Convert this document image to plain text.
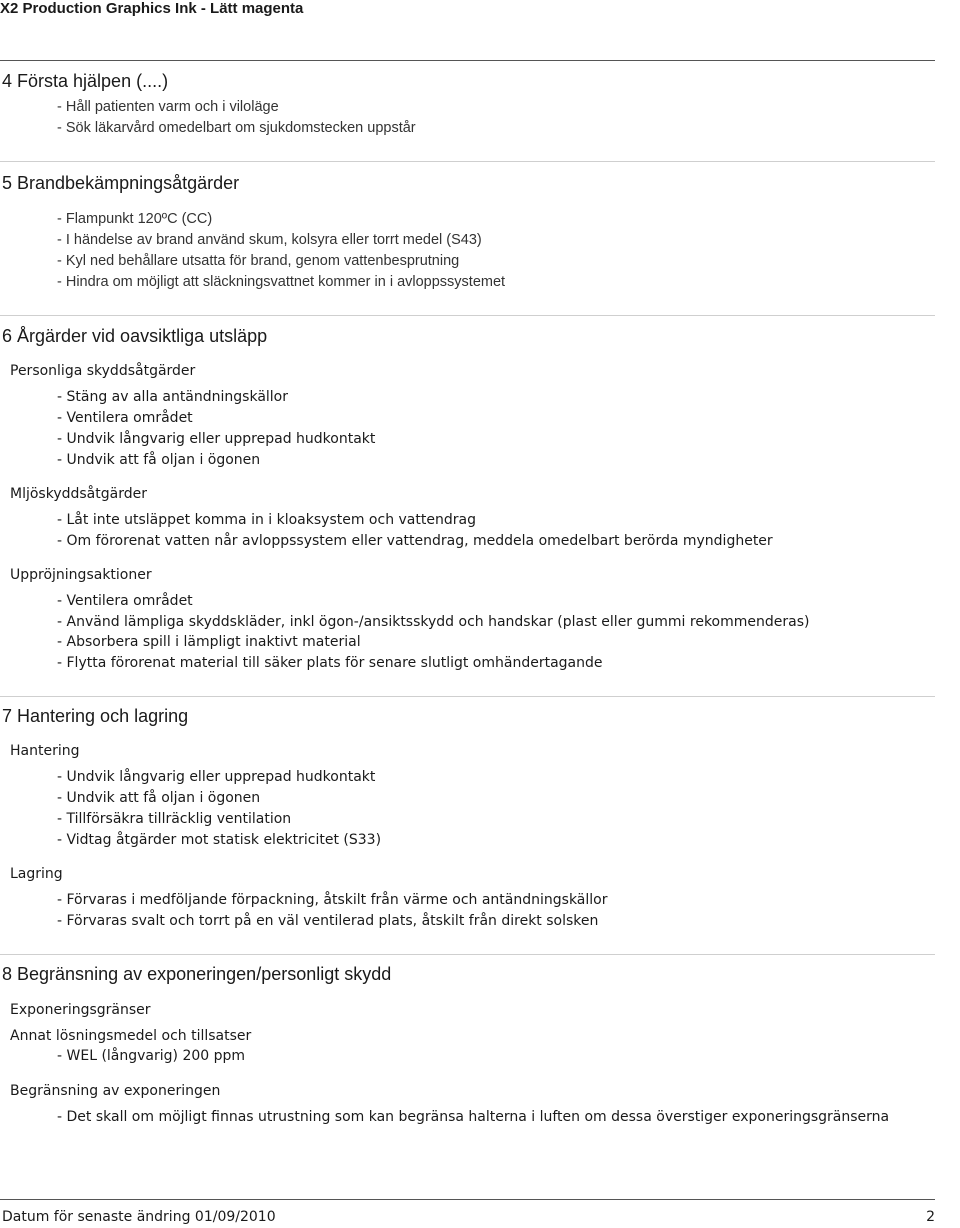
X2 Production Graphics Ink - Lätt magenta
4 Första hjälpen (....)

- Håll patienten varm och i viloläge

- Sök läkarvård omedelbart om sjukdomstecken uppstår

5 Brandbekämpningsåtgärder

- Flampunkt 120ºC (CC)

- I händelse av brand använd skum, kolsyra eller torrt medel (S43)

- Kyl ned behållare utsatta för brand, genom vattenbesprutning

- Hindra om möjligt att släckningsvattnet kommer in i avloppssystemet

6 Årgärder vid oavsiktliga utsläpp

Personliga skyddsåtgärder

- Stäng av alla antändningskällor

- Ventilera området

- Undvik långvarig eller upprepad hudkontakt

- Undvik att få oljan i ögonen

Mljöskyddsåtgärder

- Låt inte utsläppet komma in i kloaksystem och vattendrag

- Om förorenat vatten når avloppssystem eller vattendrag, meddela omedelbart berörda myndigheter

Uppröjningsaktioner

- Ventilera området

- Använd lämpliga skyddskläder, inkl ögon-/ansiktsskydd och handskar (plast eller gummi rekommenderas)

- Absorbera spill i lämpligt inaktivt material

- Flytta förorenat material till säker plats för senare slutligt omhändertagande

7 Hantering och lagring

Hantering

- Undvik långvarig eller upprepad hudkontakt

- Undvik att få oljan i ögonen

- Tillförsäkra tillräcklig ventilation

- Vidtag åtgärder mot statisk elektricitet (S33)

Lagring

- Förvaras i medföljande förpackning, åtskilt från värme och antändningskällor

- Förvaras svalt och torrt på en väl ventilerad plats, åtskilt från direkt solsken

8 Begränsning av exponeringen/personligt skydd

Exponeringsgränser

Annat lösningsmedel och tillsatser

- WEL (långvarig) 200 ppm

Begränsning av exponeringen

- Det skall om möjligt finnas utrustning som kan begränsa halterna i luften om dessa överstiger exponeringsgränserna

Datum för senaste ändring 01/09/2010	2
